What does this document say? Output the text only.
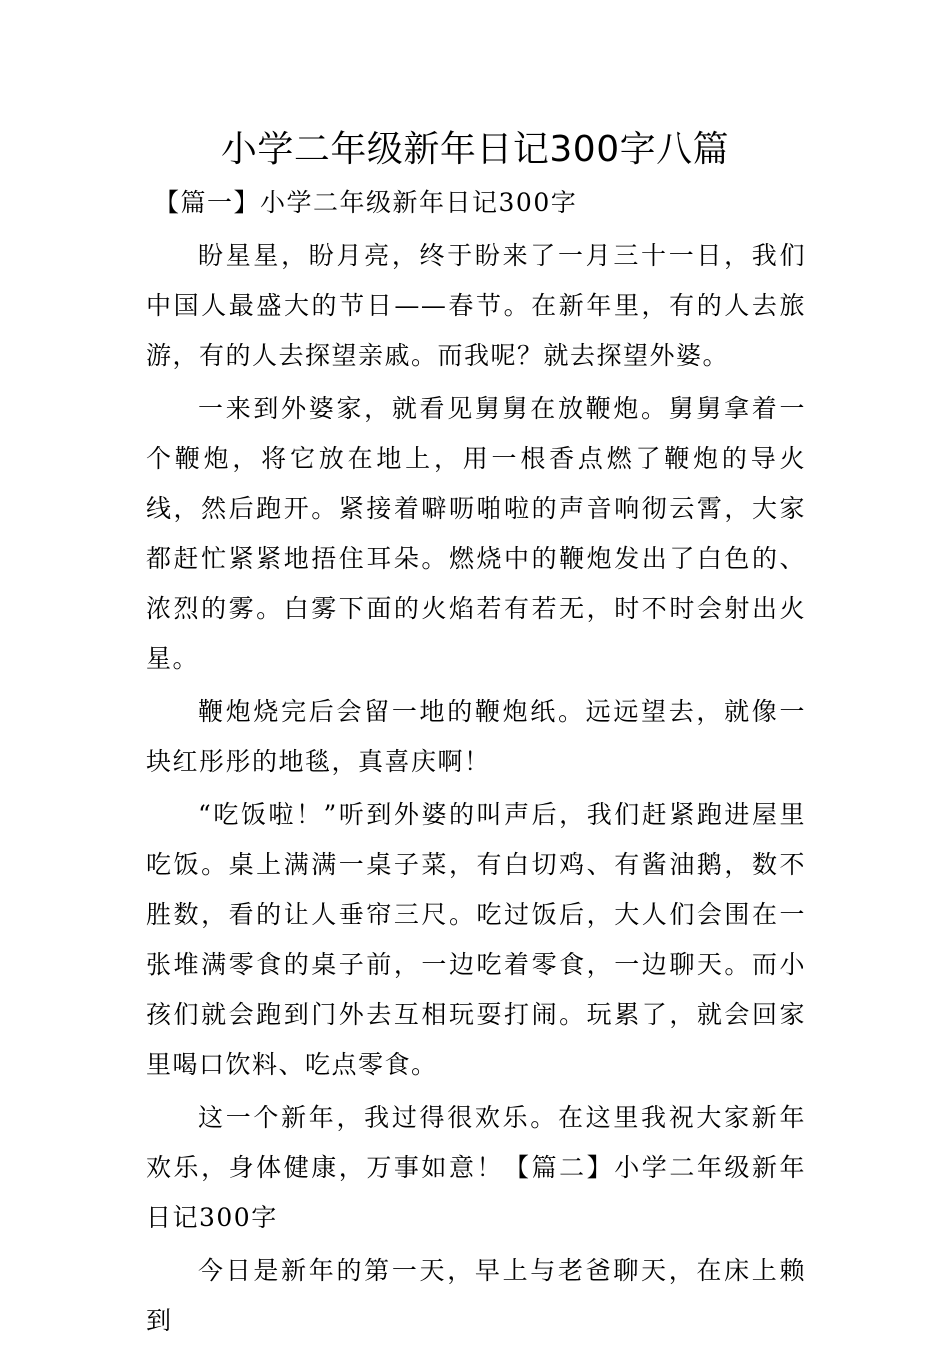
小学二年级新年日记300字八篇

【篇一】小学二年级新年日记300字

盼星星，盼月亮，终于盼来了一月三十一日，我们中国人最盛大的节日——春节。在新年里，有的人去旅游，有的人去探望亲戚。而我呢？就去探望外婆。

一来到外婆家，就看见舅舅在放鞭炮。舅舅拿着一个鞭炮，将它放在地上，用一根香点燃了鞭炮的导火线，然后跑开。紧接着噼呖啪啦的声音响彻云霄，大家都赶忙紧紧地捂住耳朵。燃烧中的鞭炮发出了白色的、浓烈的雾。白雾下面的火焰若有若无，时不时会射出火星。

鞭炮烧完后会留一地的鞭炮纸。远远望去，就像一块红彤彤的地毯，真喜庆啊！

“吃饭啦！”听到外婆的叫声后，我们赶紧跑进屋里吃饭。桌上满满一桌子菜，有白切鸡、有酱油鹅，数不胜数，看的让人垂帘三尺。吃过饭后，大人们会围在一张堆满零食的桌子前，一边吃着零食，一边聊天。而小孩们就会跑到门外去互相玩耍打闹。玩累了，就会回家里喝口饮料、吃点零食。

这一个新年，我过得很欢乐。在这里我祝大家新年欢乐，身体健康，万事如意！【篇二】小学二年级新年日记300字

今日是新年的第一天，早上与老爸聊天，在床上赖到
